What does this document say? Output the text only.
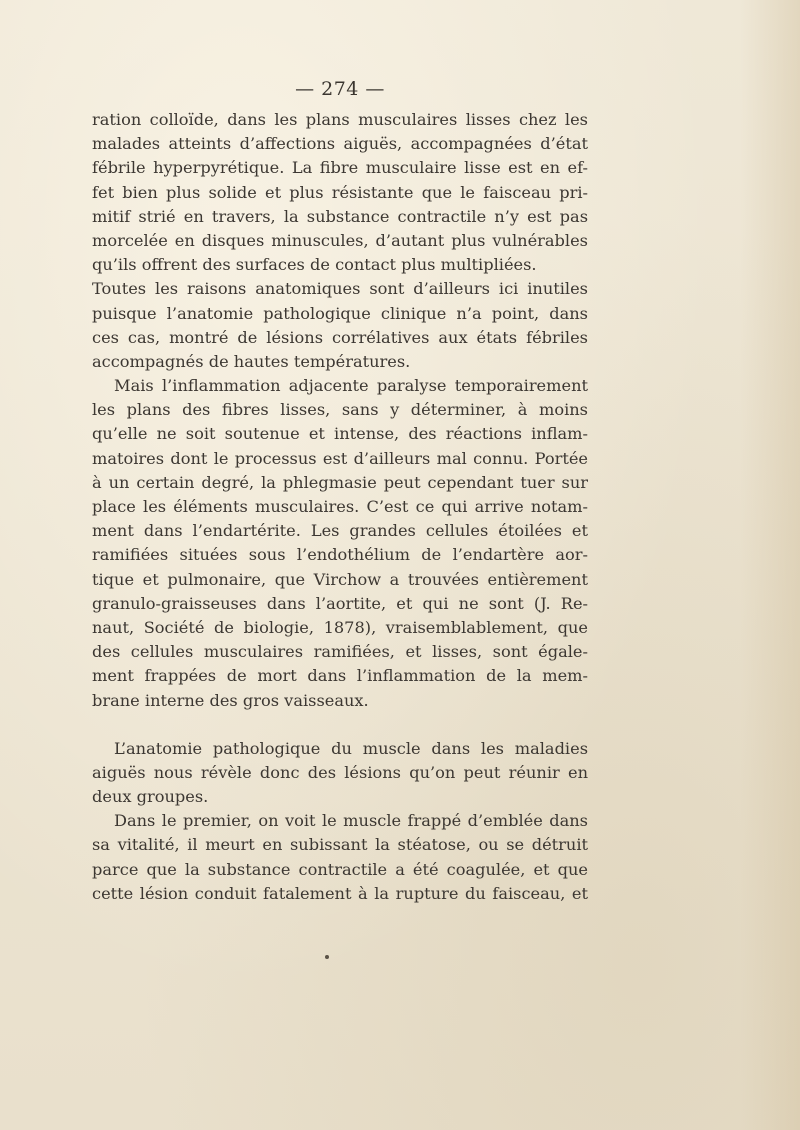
— 274 —
ration colloïde, dans les plans musculaires lisses chez les
malades atteints d’affections aiguës, accompagnées d’état
fébrile hyperpyrétique. La fibre musculaire lisse est en ef-
fet bien plus solide et plus résistante que le faisceau pri-
mitif strié en travers, la substance contractile n’y est pas
morcelée en disques minuscules, d’autant plus vulnérables
qu’ils offrent des surfaces de contact plus multipliées.
Toutes les raisons anatomiques sont d’ailleurs ici inutiles
puisque l’anatomie pathologique clinique n’a point, dans
ces cas, montré de lésions corrélatives aux états fébriles
accompagnés de hautes températures.
Mais l’inflammation adjacente paralyse temporairement
les plans des fibres lisses, sans y déterminer, à moins
qu’elle ne soit soutenue et intense, des réactions inflam-
matoires dont le processus est d’ailleurs mal connu. Portée
à un certain degré, la phlegmasie peut cependant tuer sur
place les éléments musculaires. C’est ce qui arrive notam-
ment dans l’endartérite. Les grandes cellules étoilées et
ramifiées situées sous l’endothélium de l’endartère aor-
tique et pulmonaire, que Virchow a trouvées entièrement
granulo-graisseuses dans l’aortite, et qui ne sont (J. Re-
naut, Société de biologie, 1878), vraisemblablement, que
des cellules musculaires ramifiées, et lisses, sont égale-
ment frappées de mort dans l’inflammation de la mem-
brane interne des gros vaisseaux.
L’anatomie pathologique du muscle dans les maladies
aiguës nous révèle donc des lésions qu’on peut réunir en
deux groupes.
Dans le premier, on voit le muscle frappé d’emblée dans
sa vitalité, il meurt en subissant la stéatose, ou se détruit
parce que la substance contractile a été coagulée, et que
cette lésion conduit fatalement à la rupture du faisceau, et
